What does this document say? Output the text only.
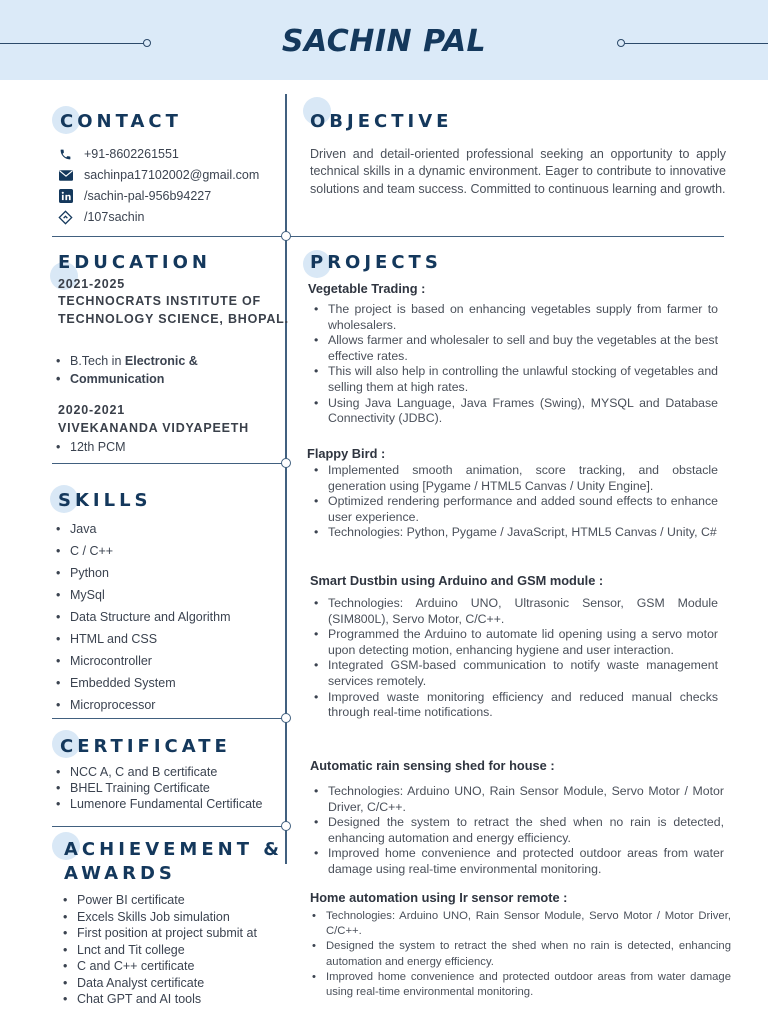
SACHIN PAL
CONTACT
+91-8602261551
sachinpa17102002@gmail.com
/sachin-pal-956b94227
/107sachin
OBJECTIVE
Driven and detail-oriented professional seeking an opportunity to apply technical skills in a dynamic environment. Eager to contribute to innovative solutions and team success. Committed to continuous learning and growth.
EDUCATION
2021-2025
TECHNOCRATS INSTITUTE OF
TECHNOLOGY SCIENCE, BHOPAL.
• B.Tech in Electronic &
• Communication
2020-2021
VIVEKANANDA VIDYAPEETH
• 12th PCM
SKILLS
• Java
• C / C++
• Python
• MySql
• Data Structure and Algorithm
• HTML and CSS
• Microcontroller
• Embedded System
• Microprocessor
CERTIFICATE
• NCC A, C and B certificate
• BHEL Training Certificate
• Lumenore Fundamental Certificate
ACHIEVEMENT &
AWARDS
• Power BI certificate
• Excels Skills Job simulation
• First position at project submit at
• Lnct and Tit college
• C and C++ certificate
• Data Analyst certificate
• Chat GPT and AI tools
PROJECTS
Vegetable Trading :
• The project is based on enhancing vegetables supply from farmer to wholesalers.
• Allows farmer and wholesaler to sell and buy the vegetables at the best effective rates.
• This will also help in controlling the unlawful stocking of vegetables and selling them at high rates.
• Using Java Language, Java Frames (Swing), MYSQL and Database Connectivity (JDBC).
Flappy Bird :
• Implemented smooth animation, score tracking, and obstacle generation using [Pygame / HTML5 Canvas / Unity Engine].
• Optimized rendering performance and added sound effects to enhance user experience.
• Technologies: Python, Pygame / JavaScript, HTML5 Canvas / Unity, C#
Smart Dustbin using Arduino and GSM module :
• Technologies: Arduino UNO, Ultrasonic Sensor, GSM Module (SIM800L), Servo Motor, C/C++.
• Programmed the Arduino to automate lid opening using a servo motor upon detecting motion, enhancing hygiene and user interaction.
• Integrated GSM-based communication to notify waste management services remotely.
• Improved waste monitoring efficiency and reduced manual checks through real-time notifications.
Automatic rain sensing shed for house :
• Technologies: Arduino UNO, Rain Sensor Module, Servo Motor / Motor Driver, C/C++.
• Designed the system to retract the shed when no rain is detected, enhancing automation and energy efficiency.
• Improved home convenience and protected outdoor areas from water damage using real-time environmental monitoring.
Home automation using Ir sensor remote :
• Technologies: Arduino UNO, Rain Sensor Module, Servo Motor / Motor Driver, C/C++.
• Designed the system to retract the shed when no rain is detected, enhancing automation and energy efficiency.
• Improved home convenience and protected outdoor areas from water damage using real-time environmental monitoring.
